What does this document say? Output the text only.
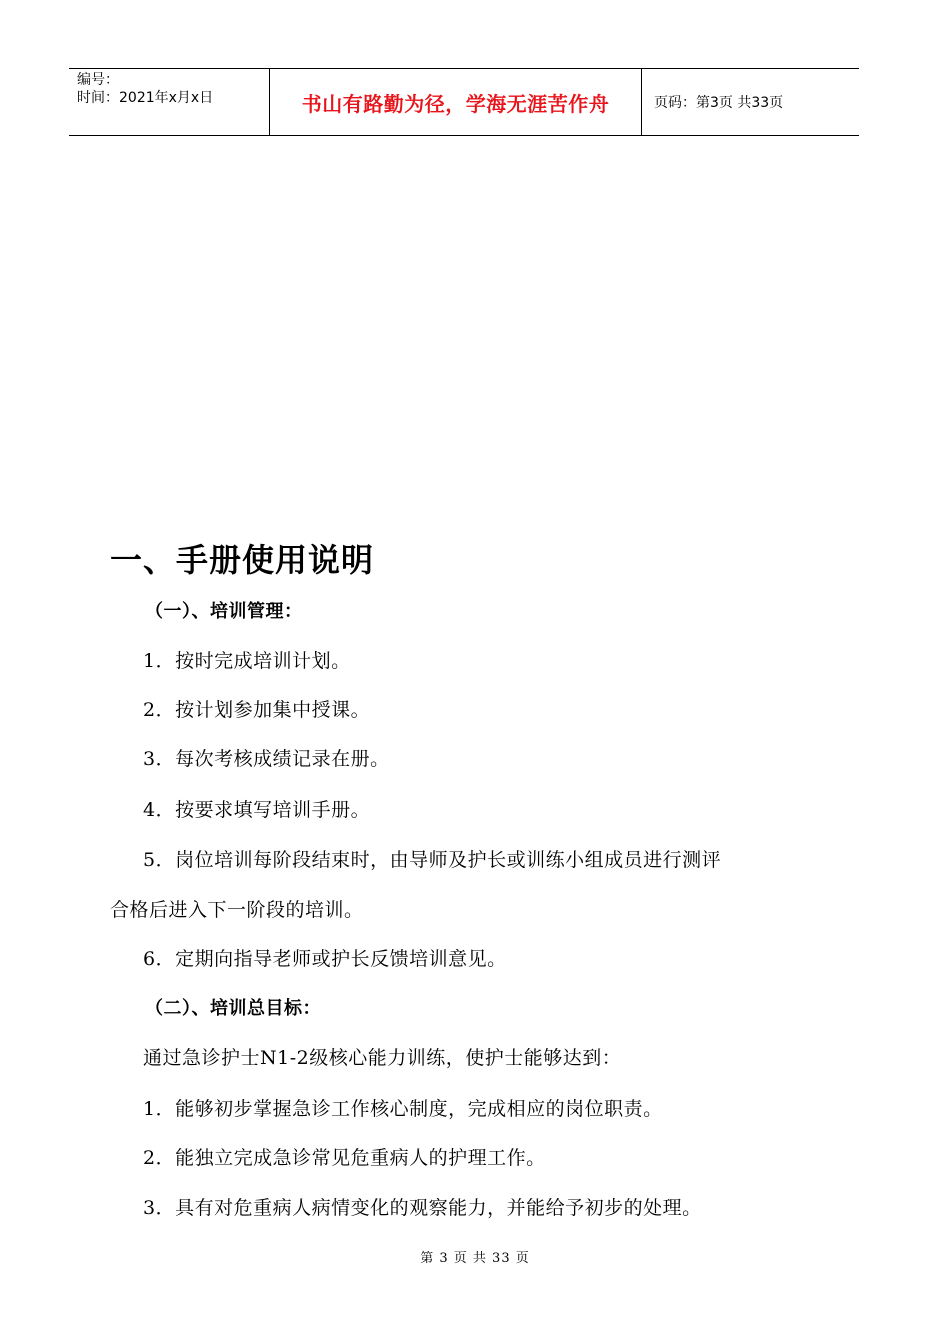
编号：
时间：2021年x月x日	书山有路勤为径，学海无涯苦作舟	页码：第3页 共33页
一、手册使用说明
（一）、培训管理：
1．按时完成培训计划。
2．按计划参加集中授课。
3．每次考核成绩记录在册。
4．按要求填写培训手册。
5．岗位培训每阶段结束时，由导师及护长或训练小组成员进行测评
合格后进入下一阶段的培训。
6．定期向指导老师或护长反馈培训意见。
（二）、培训总目标：
通过急诊护士N1-2级核心能力训练，使护士能够达到：
1．能够初步掌握急诊工作核心制度，完成相应的岗位职责。
2．能独立完成急诊常见危重病人的护理工作。
3．具有对危重病人病情变化的观察能力，并能给予初步的处理。
第 3 页 共 33 页
